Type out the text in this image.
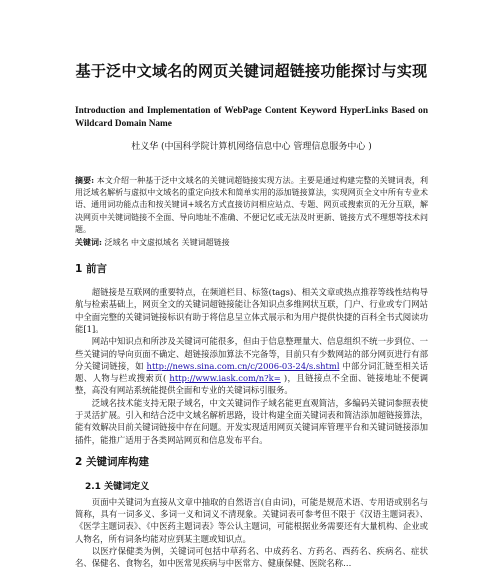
基于泛中文域名的网页关键词超链接功能探讨与实现

Introduction and Implementation of WebPage Content Keyword HyperLinks Based on Wildcard Domain Name

杜义华 (中国科学院计算机网络信息中心 管理信息服务中心 )

摘要: 本文介绍一种基于泛中文域名的关键词超链接实现方法。主要是通过构建完整的关键词表，利用泛域名解析与虚拟中文域名的重定向技术和简单实用的添加链接算法，实现网页全文中所有专业术语、通用词功能点击和按关键词+域名方式直接访问相应站点、专题、网页或搜索页的无分互联，解决网页中关键词链接不全面、导向地址不准确、不便记忆或无法及时更新、链接方式不理想等技术问题。

关键词: 泛域名 中文虚拟域名 关键词超链接

1 前言

超链接是互联网的重要特点，在频道栏目、标签(tags)、相关文章或热点推荐等线性结构导航与检索基础上，网页全文的关键词超链接能让各知识点多维网状互联，门户、行业或专门网站中全面完整的关键词链接标识有助于将信息呈立体式展示和为用户提供快捷的百科全书式阅读功能[1]。

网站中知识点和所涉及关键词可能很多，但由于信息整理量大、信息组织不统一步到位、一些关键词的导向页面不确定、超链接添加算法不完备等，目前只有少数网站的部分网页进行有部分关键词链接，如 http://news.sina.com.cn/c/2006-03-24/s.shtml 中部分词汇链至相关话题、人物与栏或搜索页( http://www.iask.com/n?k= )，且链接点不全面、链接地址不便调整，高没有网站系统能提供全面和专业的关键词标引服务。

泛域名技术能支持无限子域名，中文关键词作子域名能更直观简洁，多编码关键词参照表使于灵活扩展。引入和结合泛中文域名解析思路，设计构建全面关键词表和简洁添加超链接算法，能有效解决目前关键词链接中存在问题。开发实现适用网页关键词库管理平台和关键词链接添加插件，能推广适用于各类网站网页和信息发布平台。

2 关键词库构建
2.1 关键词定义

页面中关键词为直接从文章中抽取的自然语言(自由词)，可能是规范术语、专用语或别名与简称，具有一词多义、多词一义和词义不清现象。关键词表可参考但不限于《汉语主题词表》、《医学主题词表》、《中医药主题词表》等公认主题词，可能根据业务需要还有大量机构、企业或人物名，所有词条均能对应到某主题或知识点。

以医疗保健类为例，关键词可包括中草药名、中成药名、方药名、西药名、疾病名、症状名、保健名、食物名，如中医常见疾病与中医常方、健康保健、医院名称…
